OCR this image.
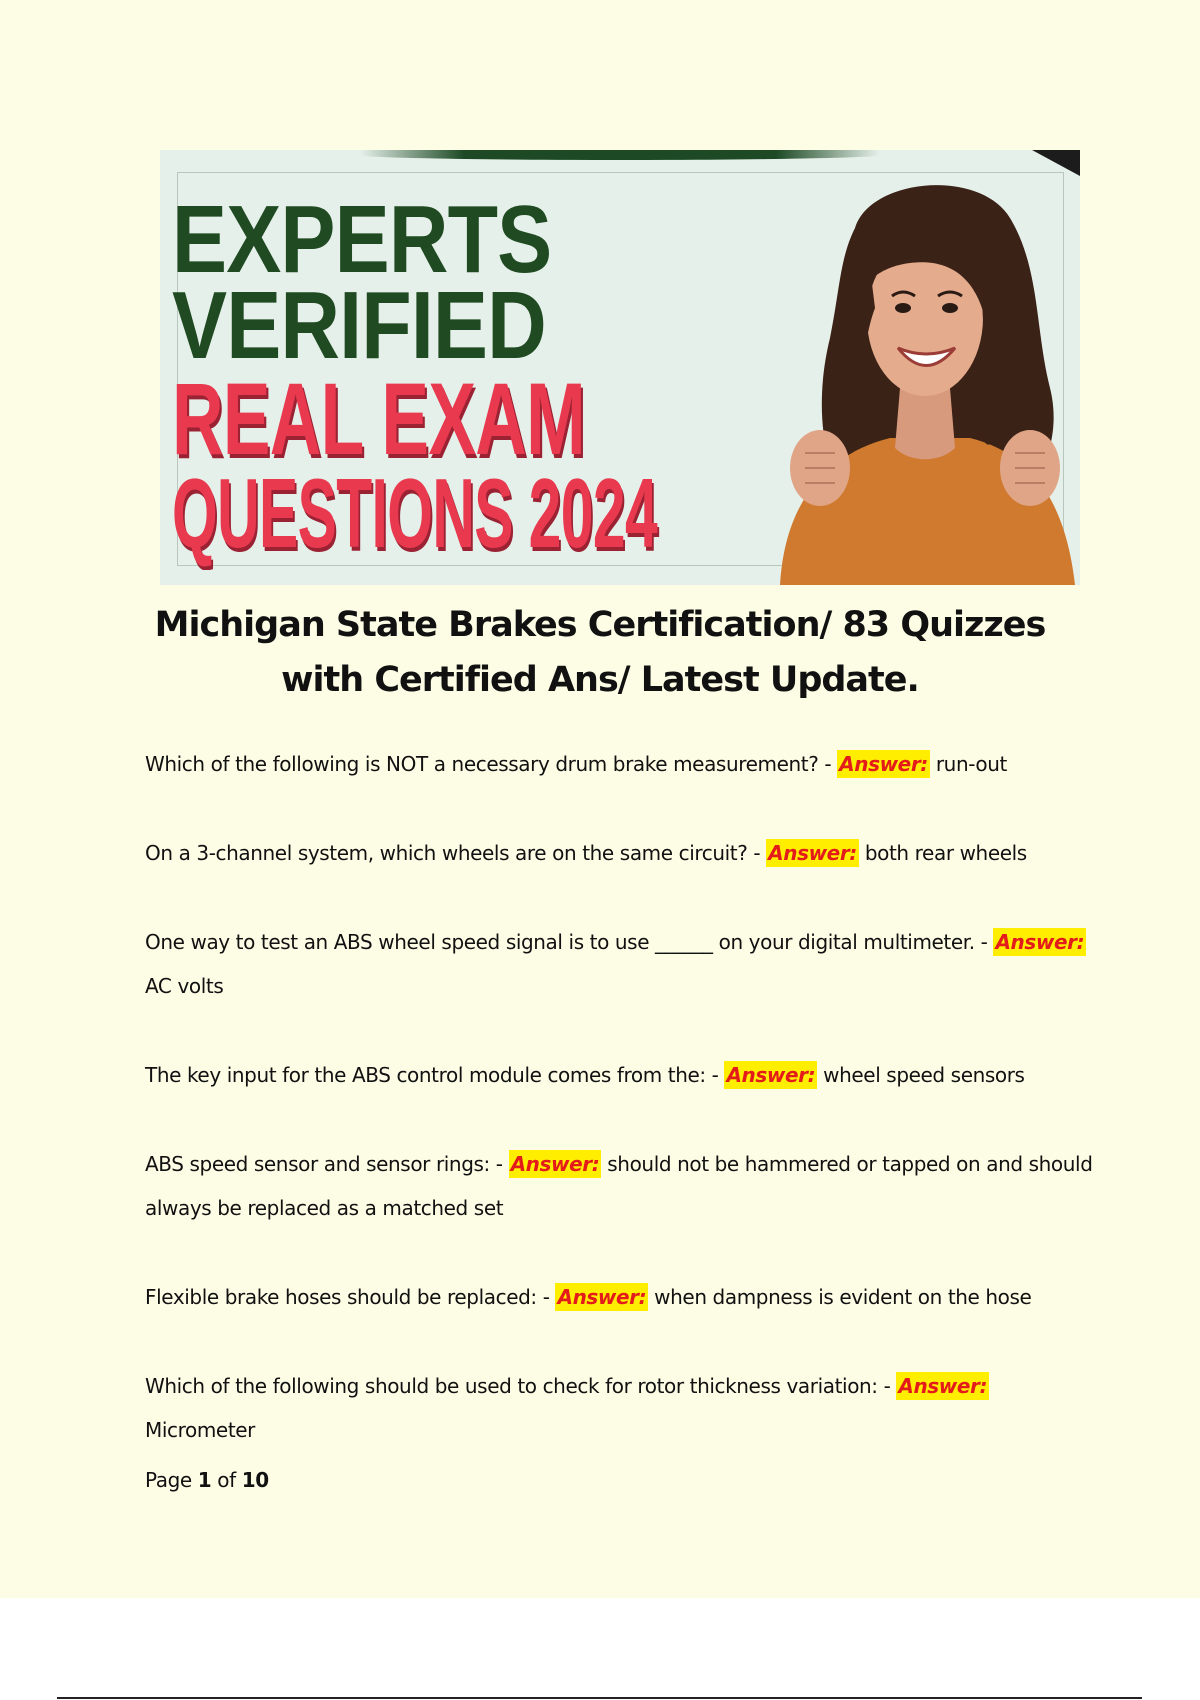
EXPERTS
VERIFIED
REAL EXAM
QUESTIONS 2024
Michigan State Brakes Certification/ 83 Quizzes
with Certified Ans/ Latest Update.
Which of the following is NOT a necessary drum brake measurement? - Answer: run-out
On a 3-channel system, which wheels are on the same circuit? - Answer: both rear wheels
One way to test an ABS wheel speed signal is to use ______ on your digital multimeter. - Answer: AC volts
The key input for the ABS control module comes from the: - Answer: wheel speed sensors
ABS speed sensor and sensor rings: - Answer: should not be hammered or tapped on and should always be replaced as a matched set
Flexible brake hoses should be replaced: - Answer: when dampness is evident on the hose
Which of the following should be used to check for rotor thickness variation: - Answer: Micrometer
Page 1 of 10
